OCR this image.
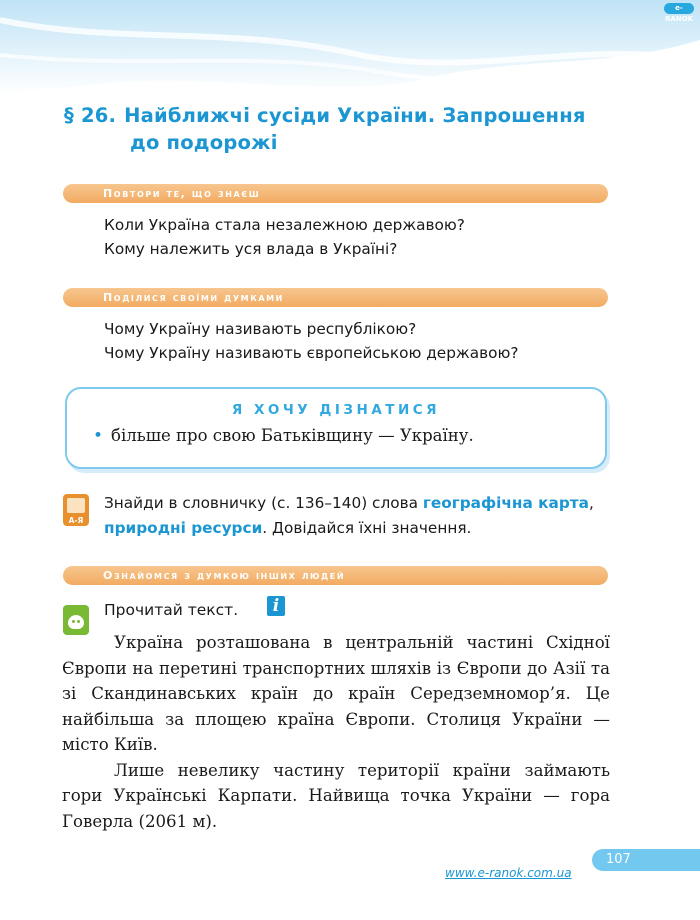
e-RANOK
§ 26. Найближчі сусіди України. Запрошення
до подорожі
Повтори те, що знаєш
Коли Україна стала незалежною державою?
Кому належить уся влада в Україні?
Поділися своїми думками
Чому Україну називають республікою?
Чому Україну називають європейською державою?
Я ХОЧУ ДІЗНАТИСЯ
• більше про свою Батьківщину — Україну.
А-Я
Знайди в словничку (с. 136–140) слова географічна карта, природні ресурси. Довідайся їхні значення.
Ознайомся з думкою інших людей
Прочитай текст.	i

Україна розташована в центральній частині Східної Європи на перетині транспортних шляхів із Європи до Азії та зі Скандинавських країн до країн Середземномор’я. Це найбільша за площею країна Європи. Столиця України — місто Київ.

Лише невелику частину території країни займають гори Українські Карпати. Найвища точка України — гора Говерла (2061 м).

107
www.e-ranok.com.ua
